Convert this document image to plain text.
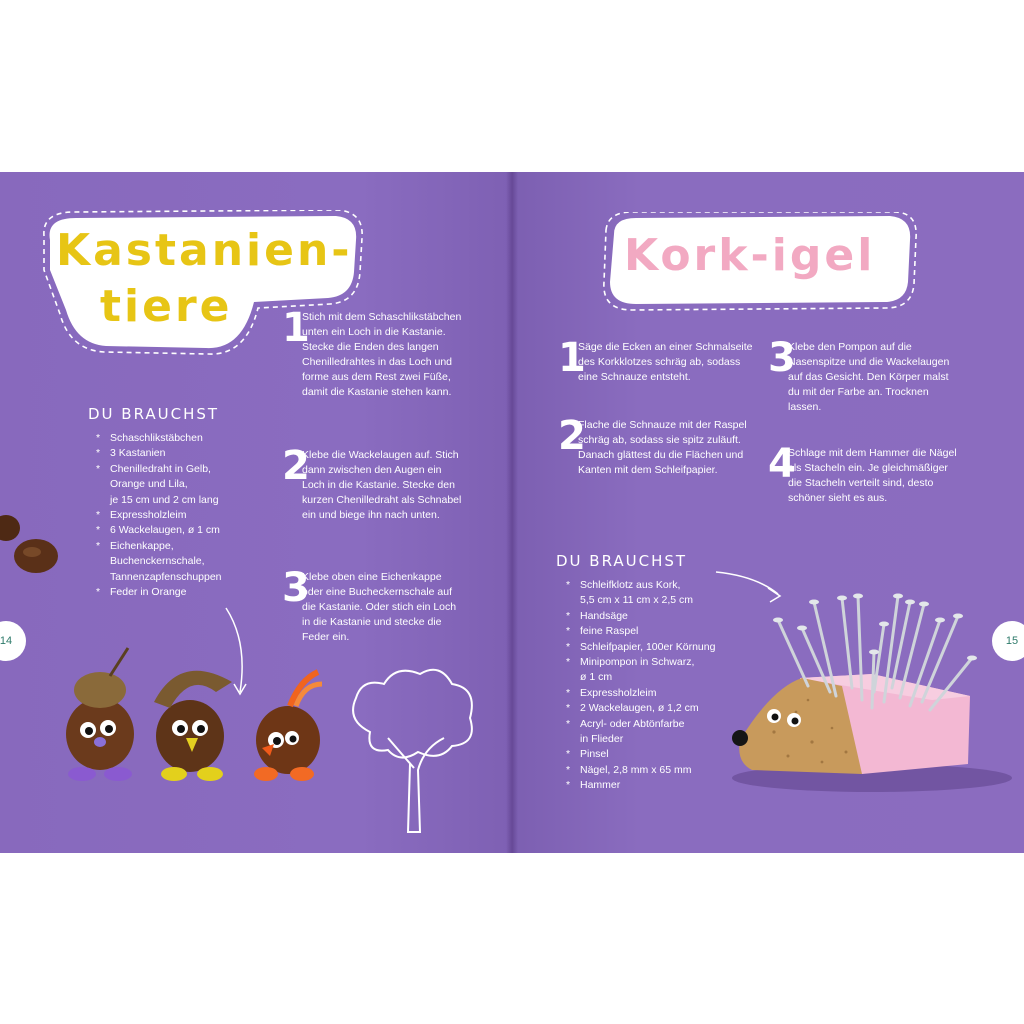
Kastanien-
tiere 1
Stich mit dem Schaschlikstäbchen unten ein Loch in die Kastanie. Stecke die Enden des langen Chenilledrahtes in das Loch und forme aus dem Rest zwei Füße, damit die Kastanie stehen kann.
2
Klebe die Wackelaugen auf. Stich dann zwischen den Augen ein Loch in die Kastanie. Stecke den kurzen Chenilledraht als Schnabel ein und biege ihn nach unten.
3
Klebe oben eine Eichenkappe oder eine Bucheckernschale auf die Kastanie. Oder stich ein Loch in die Kastanie und stecke die Feder ein.
DU BRAUCHST
* Schaschlikstäbchen
* 3 Kastanien
* Chenilledraht in Gelb,
Orange und Lila,
je 15 cm und 2 cm lang
* Expressholzleim
* 6 Wackelaugen, ø 1 cm
* Eichenkappe,
Buchenckernschale,
Tannenzapfenschuppen
* Feder in Orange
14
Kork-igel
1
Säge die Ecken an einer Schmalseite des Korkklotzes schräg ab, sodass eine Schnauze entsteht.
2
Flache die Schnauze mit der Raspel schräg ab, sodass sie spitz zuläuft. Danach glättest du die Flächen und Kanten mit dem Schleifpapier.
3
Klebe den Pompon auf die Nasenspitze und die Wackelaugen auf das Gesicht. Den Körper malst du mit der Farbe an. Trocknen lassen.
4
Schlage mit dem Hammer die Nägel als Stacheln ein. Je gleichmäßiger die Stacheln verteilt sind, desto schöner sieht es aus.
DU BRAUCHST
* Schleifklotz aus Kork,
5,5 cm x 11 cm x 2,5 cm
* Handsäge
* feine Raspel
* Schleifpapier, 100er Körnung
* Minipompon in Schwarz,
ø 1 cm
* Expressholzleim
* 2 Wackelaugen, ø 1,2 cm
* Acryl- oder Abtönfarbe
in Flieder
* Pinsel
* Nägel, 2,8 mm x 65 mm
* Hammer
15
